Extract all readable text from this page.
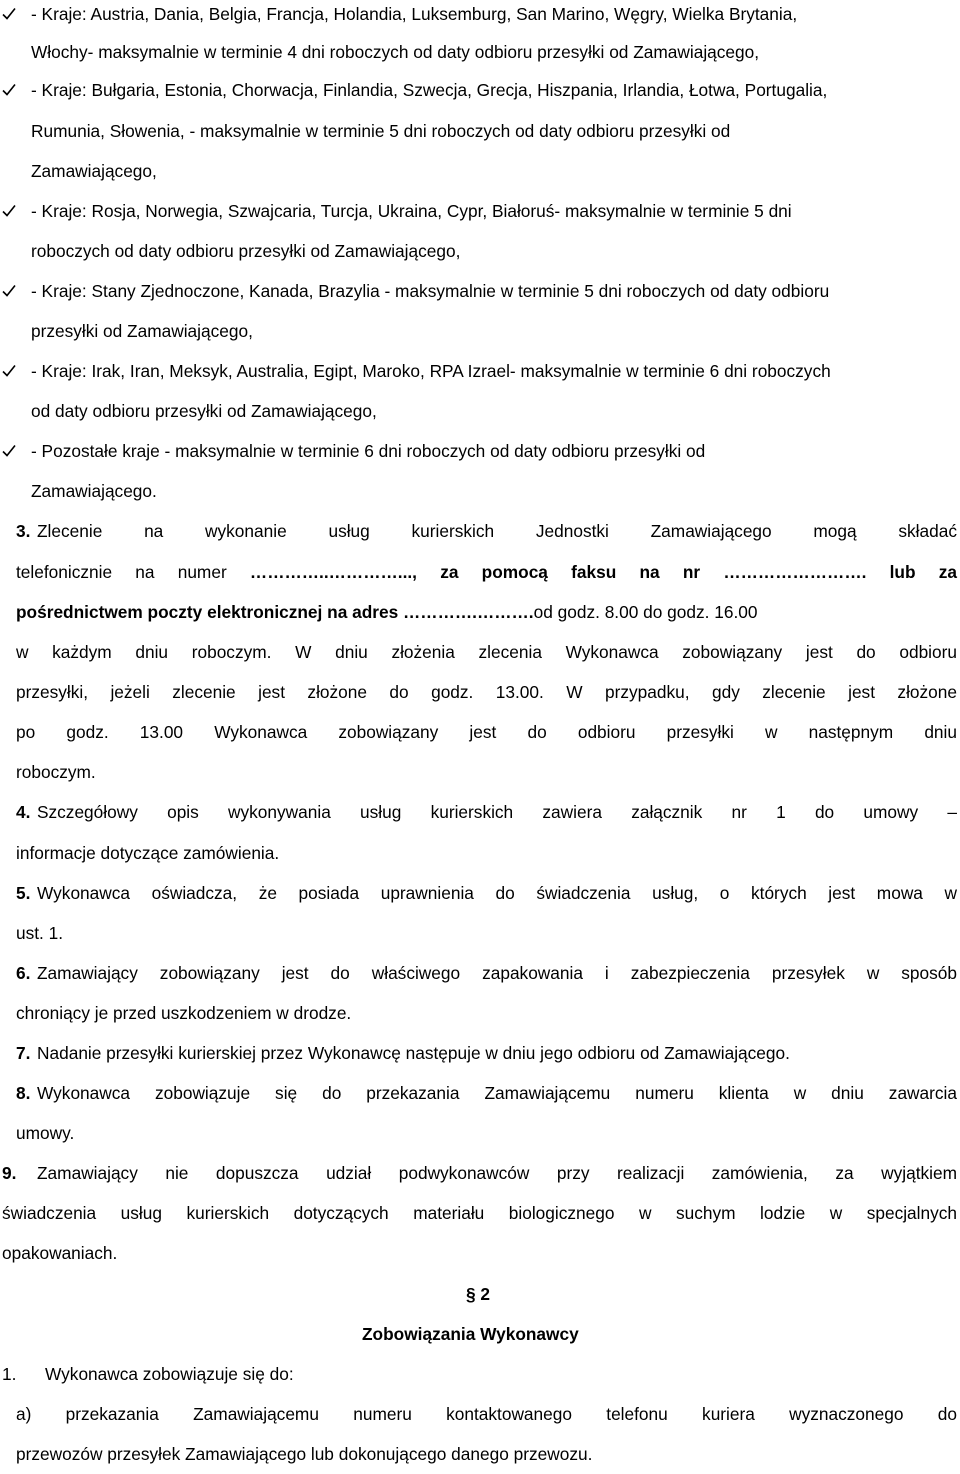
- Kraje: Austria, Dania, Belgia, Francja, Holandia, Luksemburg, San Marino, Węgry, Wielka Brytania,
Włochy- maksymalnie w terminie 4 dni roboczych od daty odbioru przesyłki od Zamawiającego,
- Kraje: Bułgaria, Estonia, Chorwacja, Finlandia, Szwecja, Grecja, Hiszpania, Irlandia, Łotwa, Portugalia,
Rumunia, Słowenia, - maksymalnie w terminie 5 dni roboczych od daty odbioru przesyłki od
Zamawiającego,
- Kraje: Rosja, Norwegia, Szwajcaria, Turcja, Ukraina, Cypr, Białoruś- maksymalnie w terminie 5 dni
roboczych od daty odbioru przesyłki od Zamawiającego,
- Kraje: Stany Zjednoczone, Kanada, Brazylia - maksymalnie w terminie 5 dni roboczych od daty odbioru
przesyłki od Zamawiającego,
- Kraje: Irak, Iran, Meksyk, Australia, Egipt, Maroko, RPA Izrael- maksymalnie w terminie 6 dni roboczych
od daty odbioru przesyłki od Zamawiającego,
- Pozostałe kraje - maksymalnie w terminie 6 dni roboczych od daty odbioru przesyłki od
Zamawiającego.
3. Zlecenie na wykonanie usług kurierskich Jednostki Zamawiającego mogą składać
telefonicznie na numer …………..…………..., za pomocą faksu na nr ……………………. lub za
pośrednictwem poczty elektronicznej na adres ………….……….od godz. 8.00 do godz. 16.00
w każdym dniu roboczym. W dniu złożenia zlecenia Wykonawca zobowiązany jest do odbioru
przesyłki, jeżeli zlecenie jest złożone do godz. 13.00. W przypadku, gdy zlecenie jest złożone
po godz. 13.00 Wykonawca zobowiązany jest do odbioru przesyłki w następnym dniu
roboczym.
4. Szczegółowy opis wykonywania usług kurierskich zawiera załącznik nr 1 do umowy –
informacje dotyczące zamówienia.
5. Wykonawca oświadcza, że posiada uprawnienia do świadczenia usług, o których jest mowa w
ust. 1.
6. Zamawiający zobowiązany jest do właściwego zapakowania i zabezpieczenia przesyłek w sposób
chroniący je przed uszkodzeniem w drodze.
7. Nadanie przesyłki kurierskiej przez Wykonawcę następuje w dniu jego odbioru od Zamawiającego.
8. Wykonawca zobowiązuje się do przekazania Zamawiającemu numeru klienta w dniu zawarcia
umowy.
9. Zamawiający nie dopuszcza udział podwykonawców przy realizacji zamówienia, za wyjątkiem
świadczenia usług kurierskich dotyczących materiału biologicznego w suchym lodzie w specjalnych
opakowaniach.
§ 2
Zobowiązania Wykonawcy
1. Wykonawca zobowiązuje się do:
a) przekazania Zamawiającemu numeru kontaktowanego telefonu kuriera wyznaczonego do
przewozów przesyłek Zamawiającego lub dokonującego danego przewozu.
